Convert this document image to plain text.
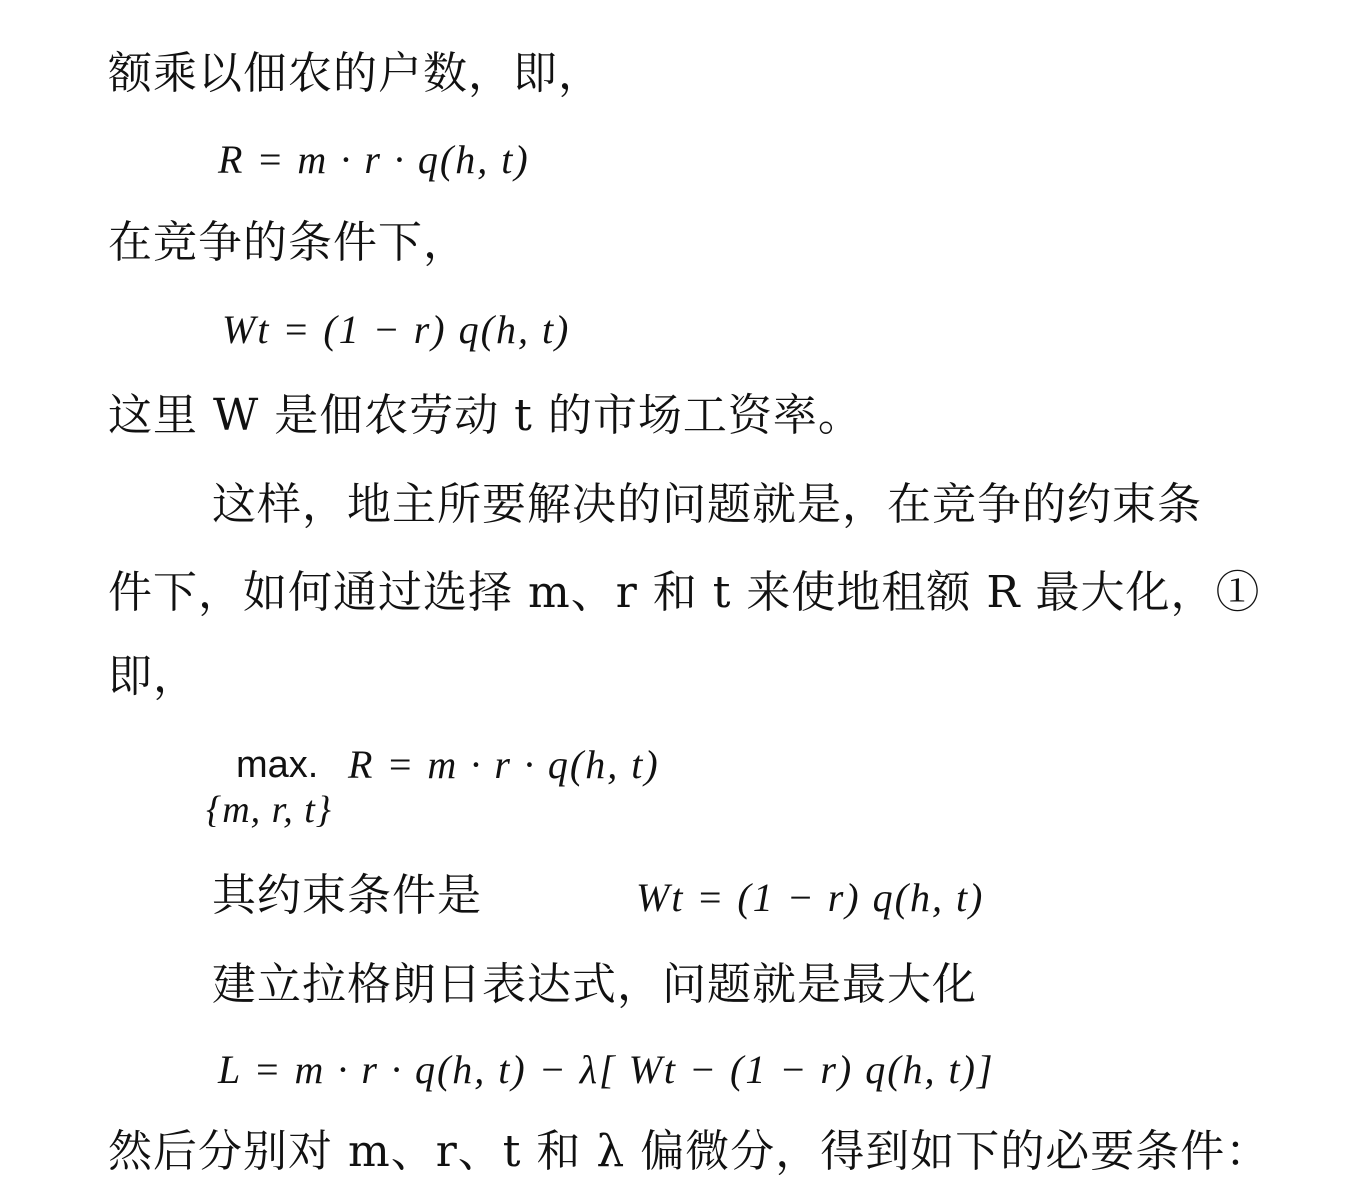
额乘以佃农的户数，即，
R = m · r · q(h, t)
在竞争的条件下，
Wt = (1 − r) q(h, t)
这里 W 是佃农劳动 t 的市场工资率。
这样，地主所要解决的问题就是，在竞争的约束条
件下，如何通过选择 m、r 和 t 来使地租额 R 最大化，①
即，
max. R = m · r · q(h, t)
{m, r, t}
其约束条件是	Wt = (1 − r) q(h, t)
建立拉格朗日表达式，问题就是最大化
L = m · r · q(h, t) − λ[ Wt − (1 − r) q(h, t)]
然后分别对 m、r、t 和 λ 偏微分，得到如下的必要条件：
